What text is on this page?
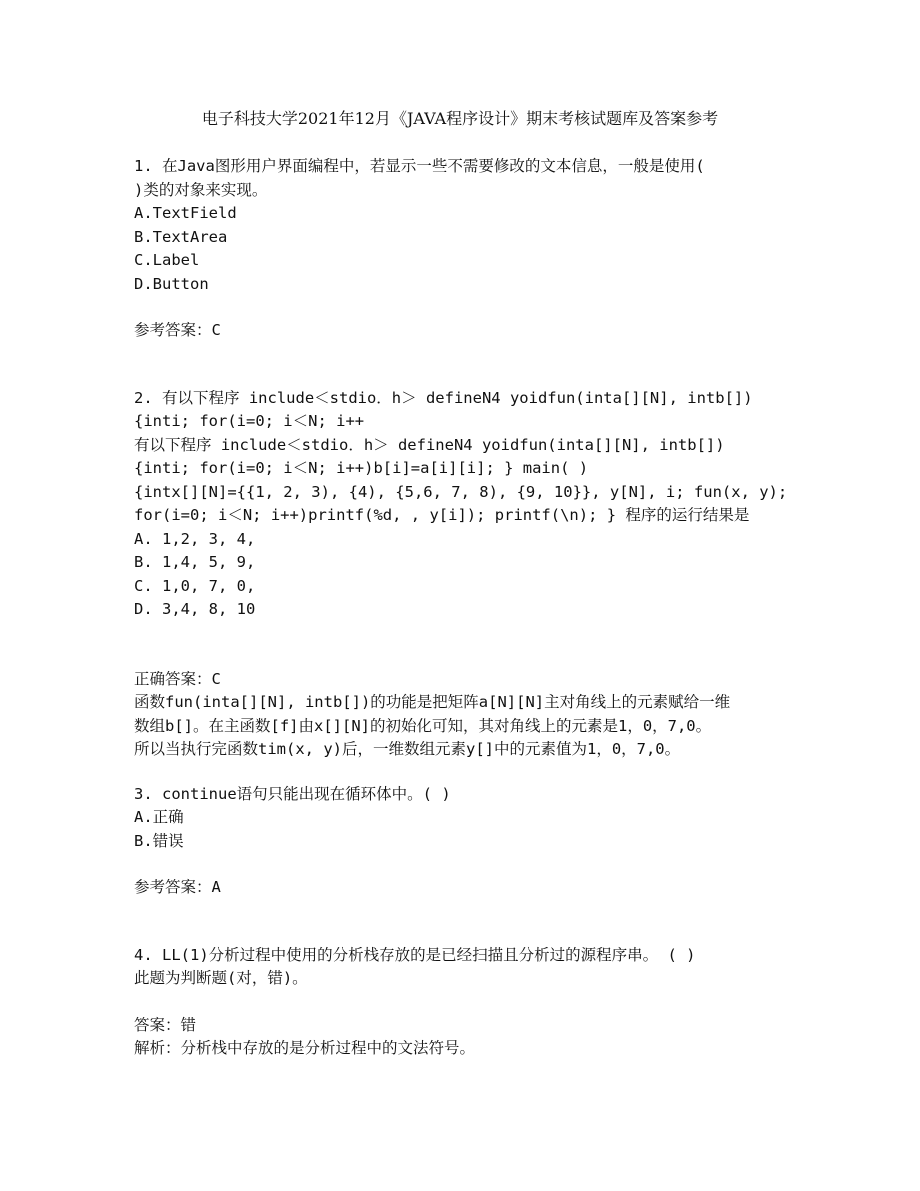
电子科技大学2021年12月《JAVA程序设计》期末考核试题库及答案参考
1. 在Java图形用户界面编程中，若显示一些不需要修改的文本信息，一般是使用(
)类的对象来实现。
A.TextField
B.TextArea
C.Label
D.Button
参考答案：C
2. 有以下程序 include＜stdio．h＞ defineN4 yoidfun(inta[][N], intb[])
{inti; for(i=0; i＜N; i++
有以下程序 include＜stdio．h＞ defineN4 yoidfun(inta[][N], intb[])
{inti; for(i=0; i＜N; i++)b[i]=a[i][i]; } main( )
{intx[][N]={{1, 2, 3), {4), {5,6, 7, 8), {9, 10}}, y[N], i; fun(x, y);
for(i=0; i＜N; i++)printf(%d, , y[i]); printf(\n); } 程序的运行结果是
A. 1,2, 3, 4,
B. 1,4, 5, 9,
C. 1,0, 7, 0,
D. 3,4, 8, 10
正确答案：C
函数fun(inta[][N], intb[])的功能是把矩阵a[N][N]主对角线上的元素赋给一维
数组b[]。在主函数[f]由x[][N]的初始化可知，其对角线上的元素是1，0，7,0。
所以当执行完函数tim(x, y)后，一维数组元素y[]中的元素值为1，0，7,0。
3. continue语句只能出现在循环体中。( )
A.正确
B.错误
参考答案：A
4. LL(1)分析过程中使用的分析栈存放的是已经扫描且分析过的源程序串。 ( )
此题为判断题(对，错)。
答案：错
解析：分析栈中存放的是分析过程中的文法符号。
